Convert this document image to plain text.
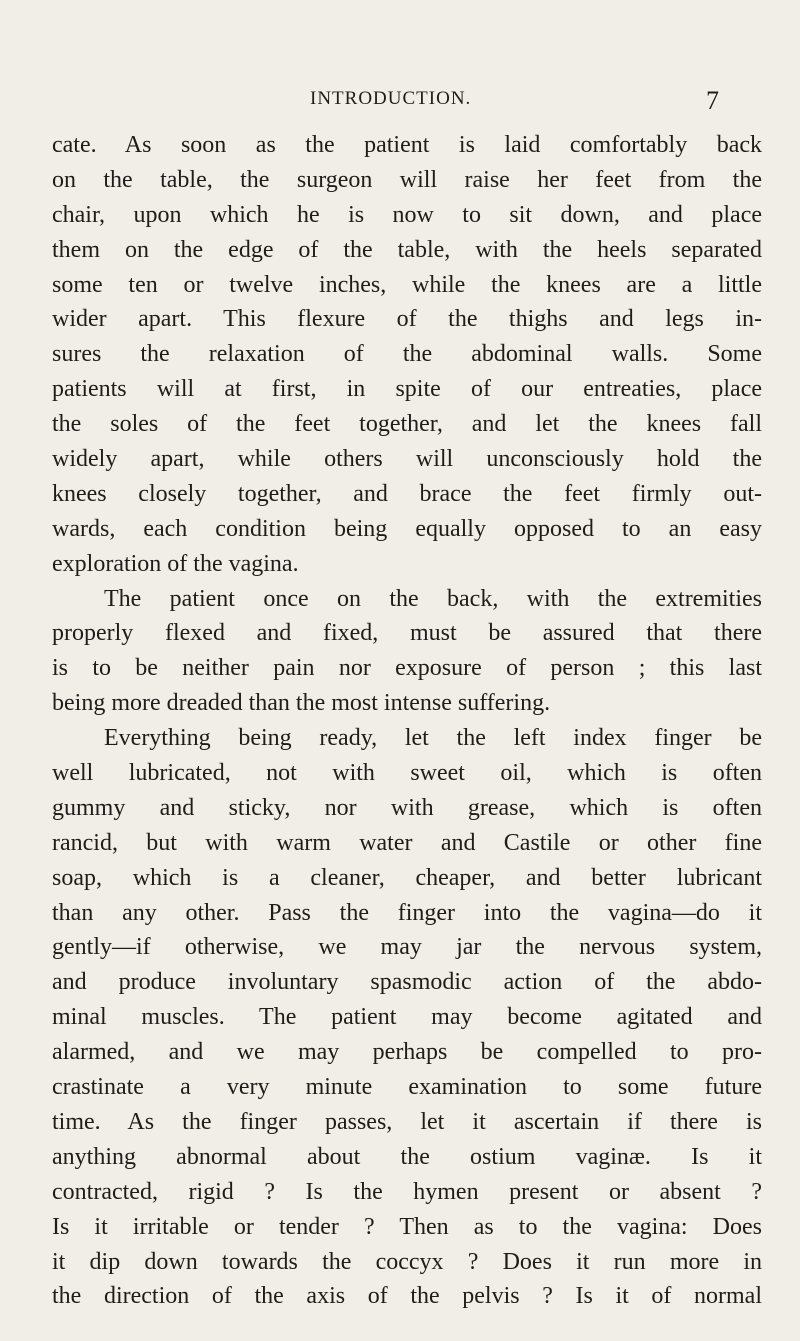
INTRODUCTION.	7
cate. As soon as the patient is laid comfortably back
on the table, the surgeon will raise her feet from the
chair, upon which he is now to sit down, and place
them on the edge of the table, with the heels separated
some ten or twelve inches, while the knees are a little
wider apart. This flexure of the thighs and legs in-
sures the relaxation of the abdominal walls. Some
patients will at first, in spite of our entreaties, place
the soles of the feet together, and let the knees fall
widely apart, while others will unconsciously hold the
knees closely together, and brace the feet firmly out-
wards, each condition being equally opposed to an easy
exploration of the vagina.
The patient once on the back, with the extremities
properly flexed and fixed, must be assured that there
is to be neither pain nor exposure of person ; this last
being more dreaded than the most intense suffering.
Everything being ready, let the left index finger be
well lubricated, not with sweet oil, which is often
gummy and sticky, nor with grease, which is often
rancid, but with warm water and Castile or other fine
soap, which is a cleaner, cheaper, and better lubricant
than any other. Pass the finger into the vagina—do it
gently—if otherwise, we may jar the nervous system,
and produce involuntary spasmodic action of the abdo-
minal muscles. The patient may become agitated and
alarmed, and we may perhaps be compelled to pro-
crastinate a very minute examination to some future
time. As the finger passes, let it ascertain if there is
anything abnormal about the ostium vaginæ. Is it
contracted, rigid ? Is the hymen present or absent ?
Is it irritable or tender ? Then as to the vagina: Does
it dip down towards the coccyx ? Does it run more in
the direction of the axis of the pelvis ? Is it of normal
